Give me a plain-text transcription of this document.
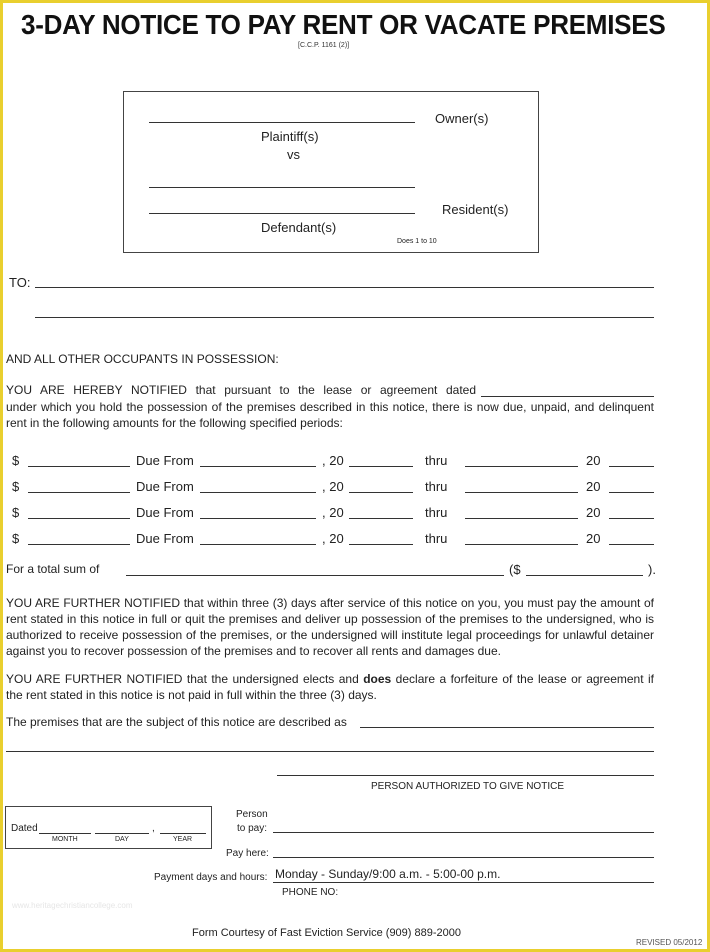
3-DAY NOTICE TO PAY RENT OR VACATE PREMISES
[C.C.P. 1161 (2)]
Owner(s)
Plaintiff(s)
vs
Resident(s)
Defendant(s)
Does 1 to 10
TO:
AND ALL OTHER OCCUPANTS IN POSSESSION:
YOU ARE HEREBY NOTIFIED that pursuant to the lease or agreement dated
under which you hold the possession of the premises described in this notice, there is now due, unpaid, and delinquent rent in the following amounts for the following specified periods:
$	Due From	, 20	thru	20
$	Due From	, 20	thru	20
$	Due From	, 20	thru	20
$	Due From	, 20	thru	20
For a total sum of	($	).
YOU ARE FURTHER NOTIFIED that within three (3) days after service of this notice on you, you must pay the amount of rent stated in this notice in full or quit the premises and deliver up possession of the premises to the undersigned, who is authorized to receive possession of the premises, or the undersigned will institute legal proceedings for unlawful detainer against you to recover possession of the premises and to recover all rents and damages due.
YOU ARE FURTHER NOTIFIED that the undersigned elects and does declare a forfeiture of the lease or agreement if the rent stated in this notice is not paid in full within the three (3) days.
The premises that are the subject of this notice are described as
PERSON AUTHORIZED TO GIVE NOTICE
Dated
MONTH	DAY
,
YEAR
Person
to pay:
Pay here:
Payment days and hours: Monday - Sunday/9:00 a.m. - 5:00-00 p.m.
PHONE NO:
www.heritagechristiancollege.com
Form Courtesy of Fast Eviction Service (909) 889-2000
REVISED 05/2012
